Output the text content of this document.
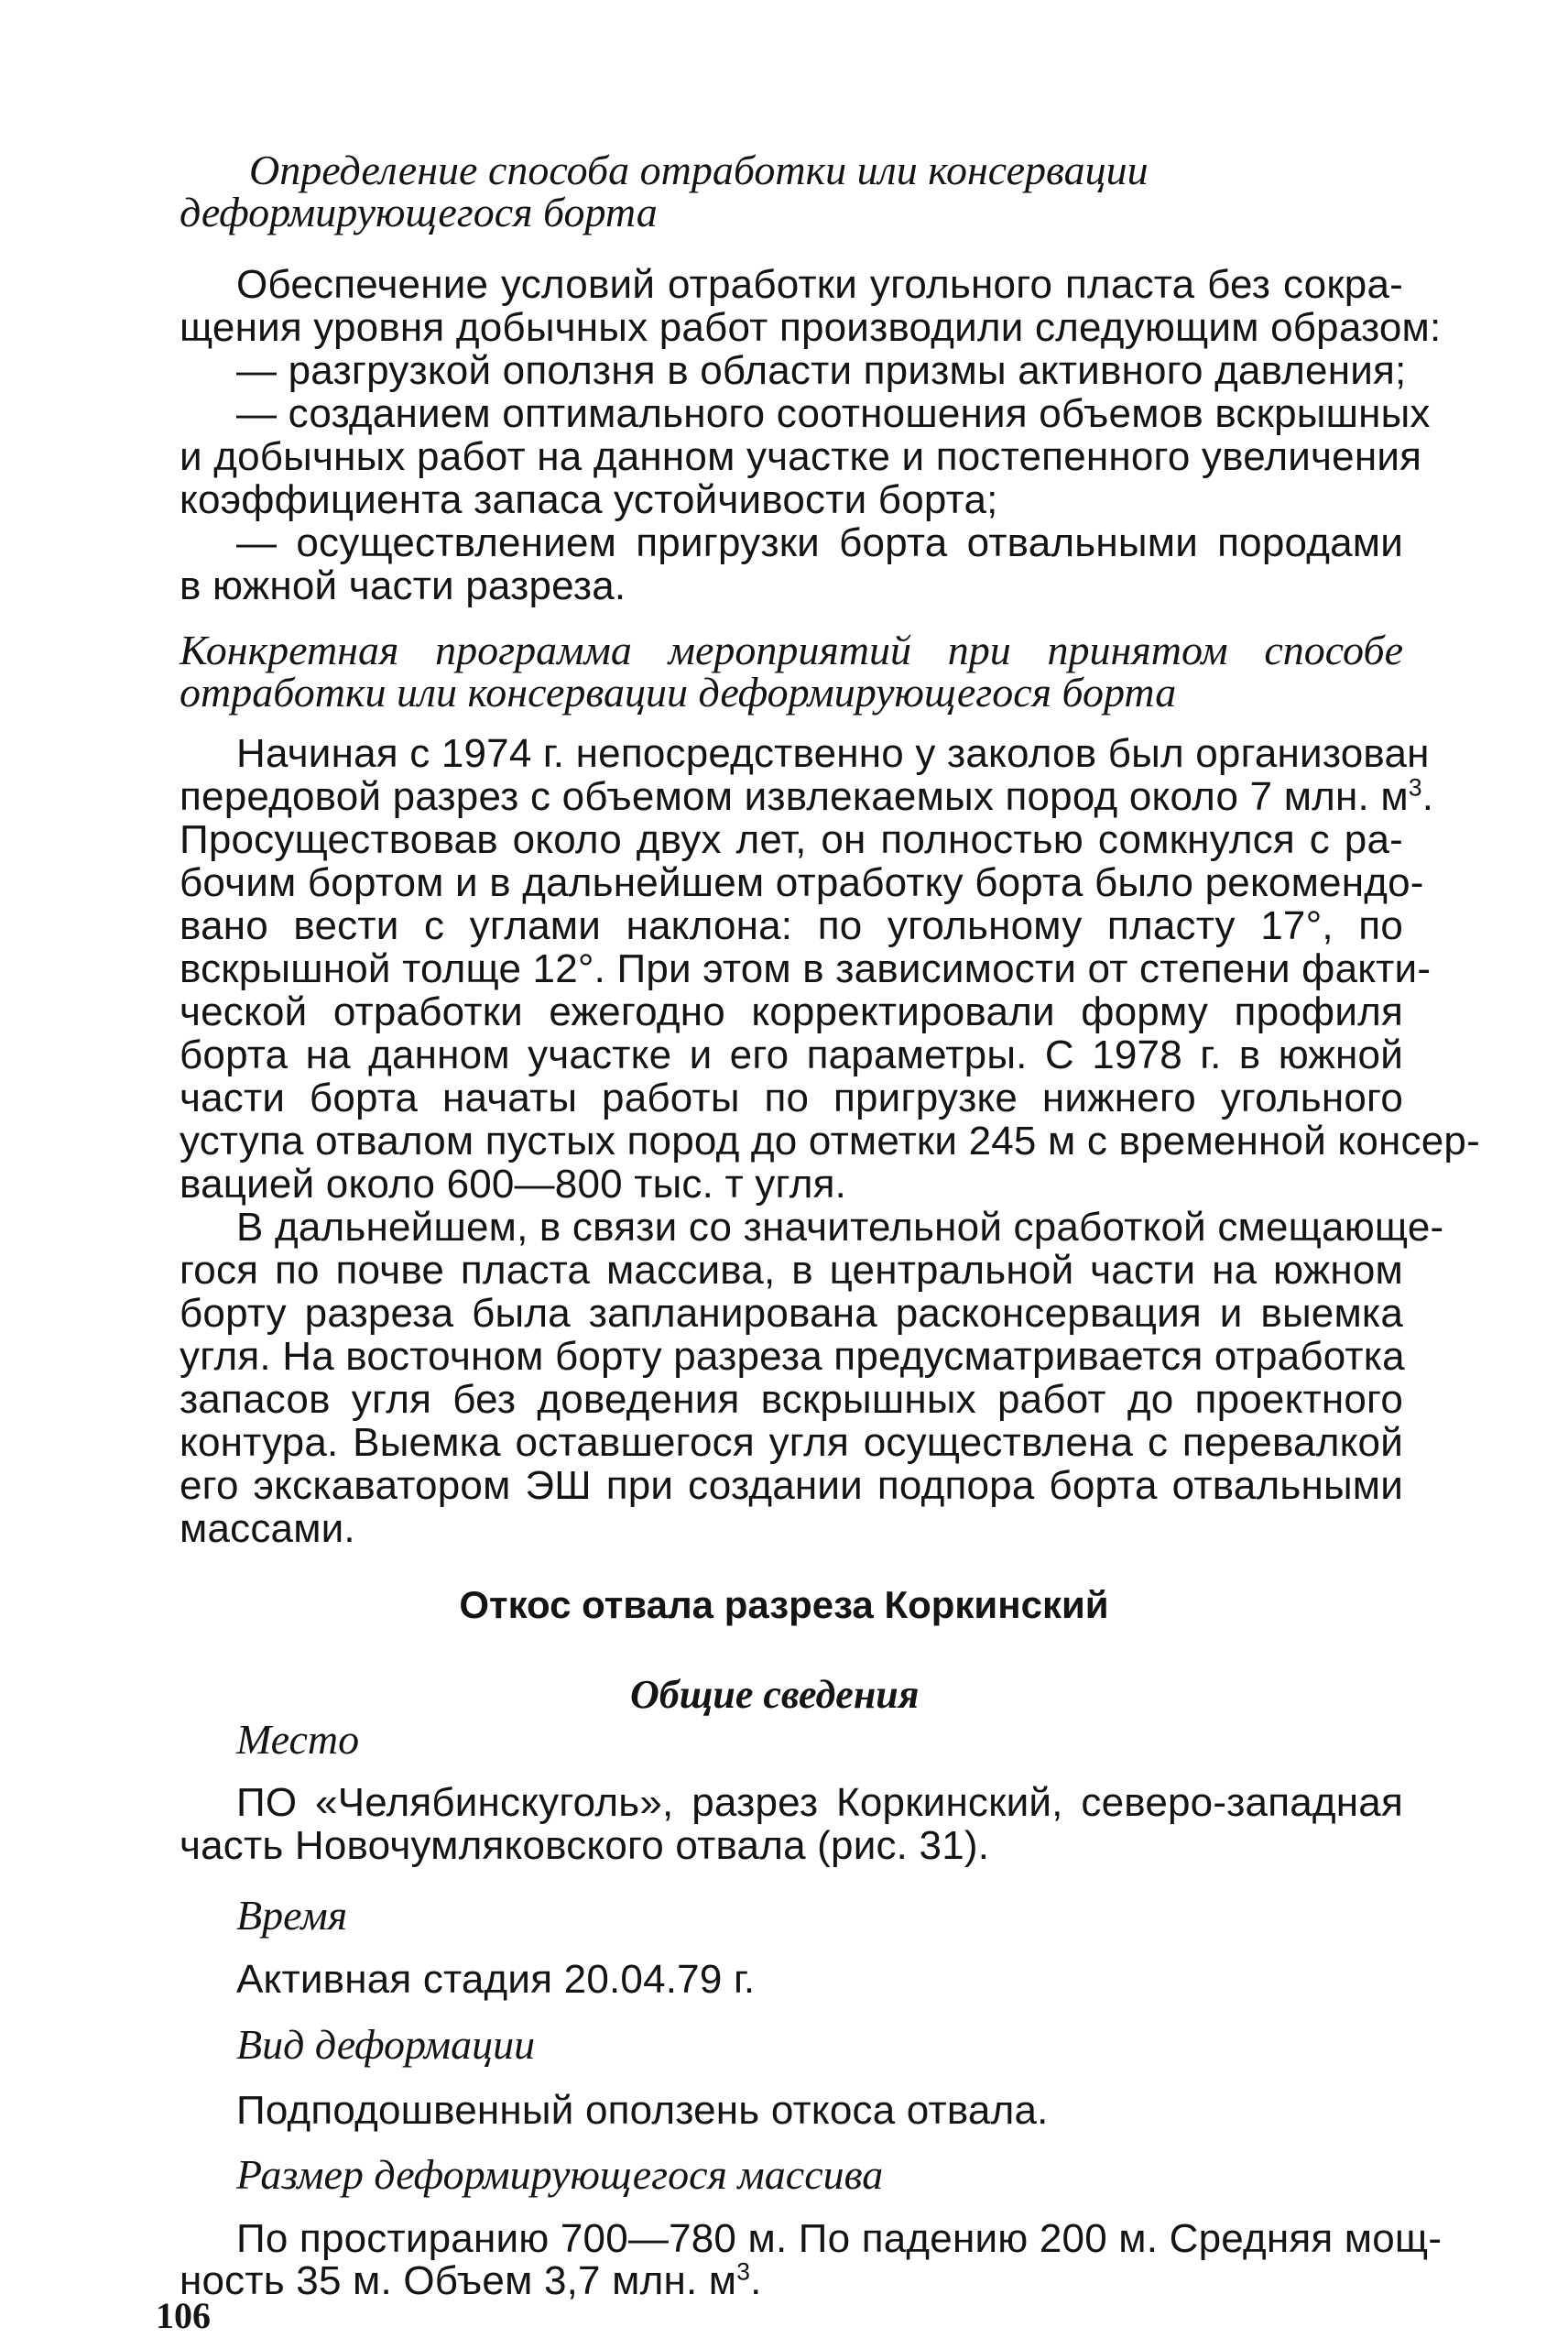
Определение способа отработки или консервации
деформирующегося борта
Обеспечение условий отработки угольного пласта без сокра-
щения уровня добычных работ производили следующим образом:
— разгрузкой оползня в области призмы активного давления;
— созданием оптимального соотношения объемов вскрышных
и добычных работ на данном участке и постепенного увеличения
коэффициента запаса устойчивости борта;
— осуществлением пригрузки борта отвальными породами
в южной части разреза.
Конкретная программа мероприятий при принятом способе
отработки или консервации деформирующегося борта
Начиная с 1974 г. непосредственно у заколов был организован
передовой разрез с объемом извлекаемых пород около 7 млн. $м^3$.
Просуществовав около двух лет, он полностью сомкнулся с ра-
бочим бортом и в дальнейшем отработку борта было рекомендо-
вано вести с углами наклона: по угольному пласту 17°, по
вскрышной толще 12°. При этом в зависимости от степени факти-
ческой отработки ежегодно корректировали форму профиля
борта на данном участке и его параметры. С 1978 г. в южной
части борта начаты работы по пригрузке нижнего угольного
уступа отвалом пустых пород до отметки 245 м с временной консер-
вацией около 600—800 тыс. т угля.
В дальнейшем, в связи со значительной сработкой смещающе-
гося по почве пласта массива, в центральной части на южном
борту разреза была запланирована расконсервация и выемка
угля. На восточном борту разреза предусматривается отработка
запасов угля без доведения вскрышных работ до проектного
контура. Выемка оставшегося угля осуществлена с перевалкой
его экскаватором ЭШ при создании подпора борта отвальными
массами.
Откос отвала разреза Коркинский
Общие сведения
Место
ПО «Челябинскуголь», разрез Коркинский, северо-западная
часть Новочумляковского отвала (рис. 31).
Время
Активная стадия 20.04.79 г.
Вид деформации
Подподошвенный оползень откоса отвала.
Размер деформирующегося массива
По простиранию 700—780 м. По падению 200 м. Средняя мощ-
ность 35 м. Объем 3,7 млн. $м^3$.
106
